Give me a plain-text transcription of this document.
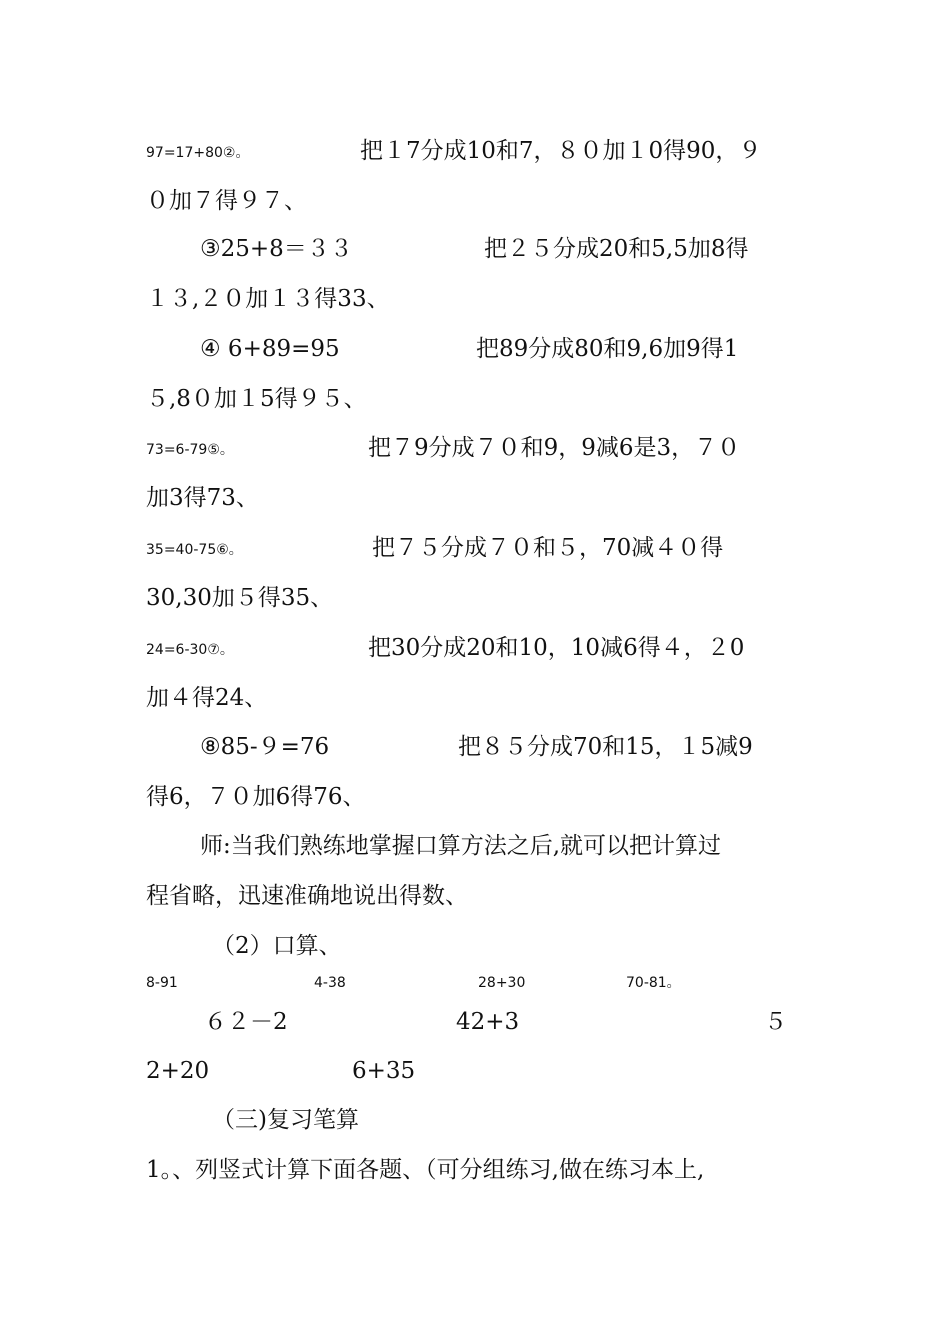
97=17+80②。	把１7分成10和7，８０加１0得90，９
０加７得９７、
③25+8＝３３	把２５分成20和5,5加8得
１３,２０加１３得33、
④ 6+89=95	把89分成80和9,6加9得1
５,8０加１5得９５、
73=6-79⑤。	把７9分成７０和9，9减6是3，７０
加3得73、
35=40-75⑥。	把７５分成７０和５，70减４０得
30,30加５得35、
24=6-30⑦。	把30分成20和10，10减6得４，２0
加４得24、
⑧85-９=76	把８５分成70和15，１5减9
得6，７０加6得76、
师:当我们熟练地掌握口算方法之后,就可以把计算过
程省略，迅速准确地说出得数、
（2）口算、
8-91	4-38	28+30	70-81。
６２－2	42+3	５
2+20	6+35
（三)复习笔算
1。、列竖式计算下面各题、（可分组练习,做在练习本上,
